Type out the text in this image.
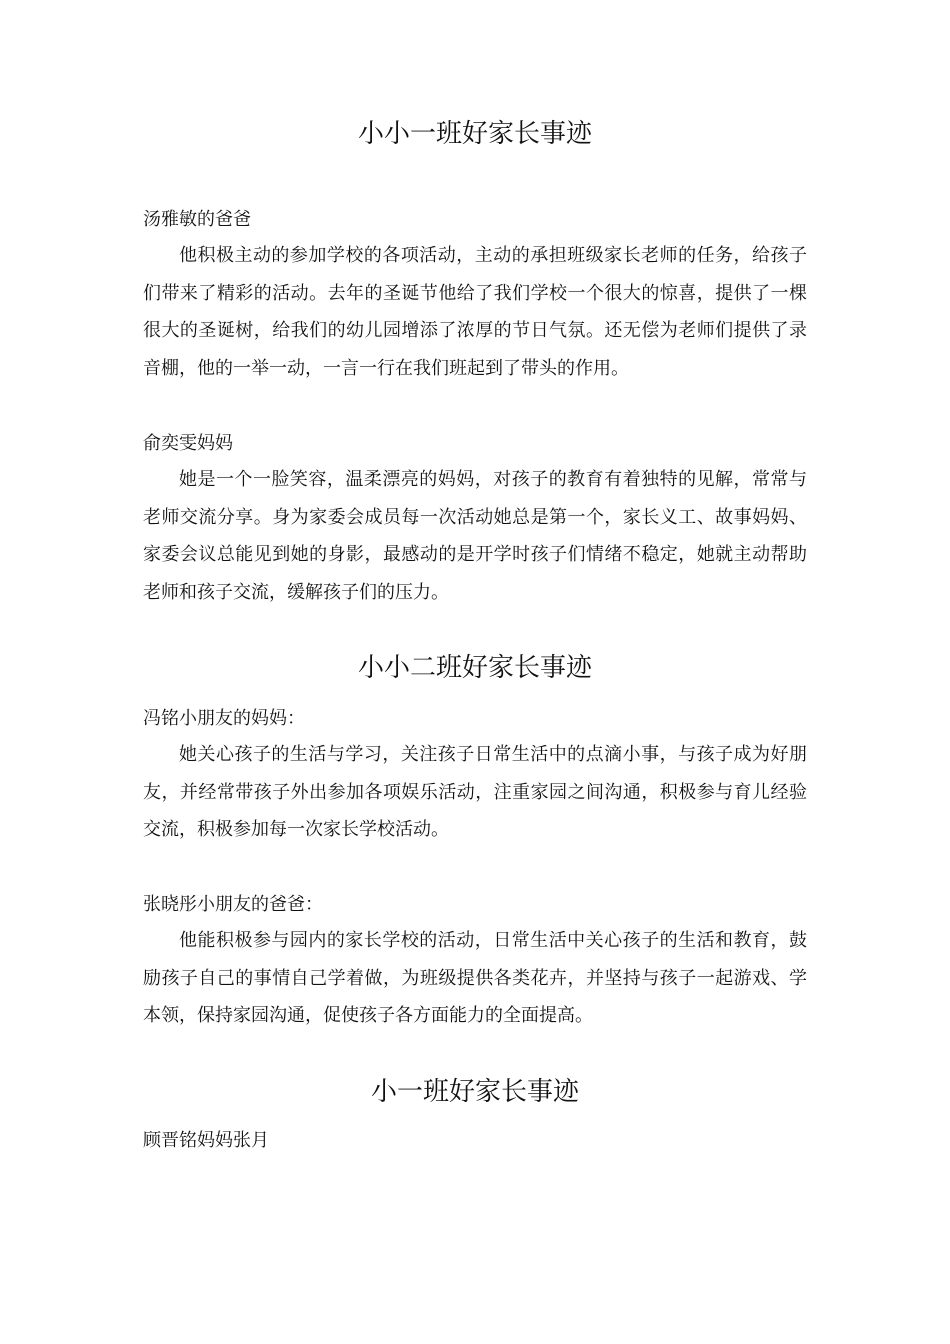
小小一班好家长事迹

汤雅敏的爸爸

他积极主动的参加学校的各项活动，主动的承担班级家长老师的任务，给孩子们带来了精彩的活动。去年的圣诞节他给了我们学校一个很大的惊喜，提供了一棵很大的圣诞树，给我们的幼儿园增添了浓厚的节日气氛。还无偿为老师们提供了录音棚，他的一举一动，一言一行在我们班起到了带头的作用。

俞奕雯妈妈

她是一个一脸笑容，温柔漂亮的妈妈，对孩子的教育有着独特的见解，常常与老师交流分享。身为家委会成员每一次活动她总是第一个，家长义工、故事妈妈、家委会议总能见到她的身影，最感动的是开学时孩子们情绪不稳定，她就主动帮助老师和孩子交流，缓解孩子们的压力。

小小二班好家长事迹

冯铭小朋友的妈妈：

她关心孩子的生活与学习，关注孩子日常生活中的点滴小事，与孩子成为好朋友，并经常带孩子外出参加各项娱乐活动，注重家园之间沟通，积极参与育儿经验交流，积极参加每一次家长学校活动。

张晓彤小朋友的爸爸：

他能积极参与园内的家长学校的活动，日常生活中关心孩子的生活和教育，鼓励孩子自己的事情自己学着做，为班级提供各类花卉，并坚持与孩子一起游戏、学本领，保持家园沟通，促使孩子各方面能力的全面提高。

小一班好家长事迹

顾晋铭妈妈张月
